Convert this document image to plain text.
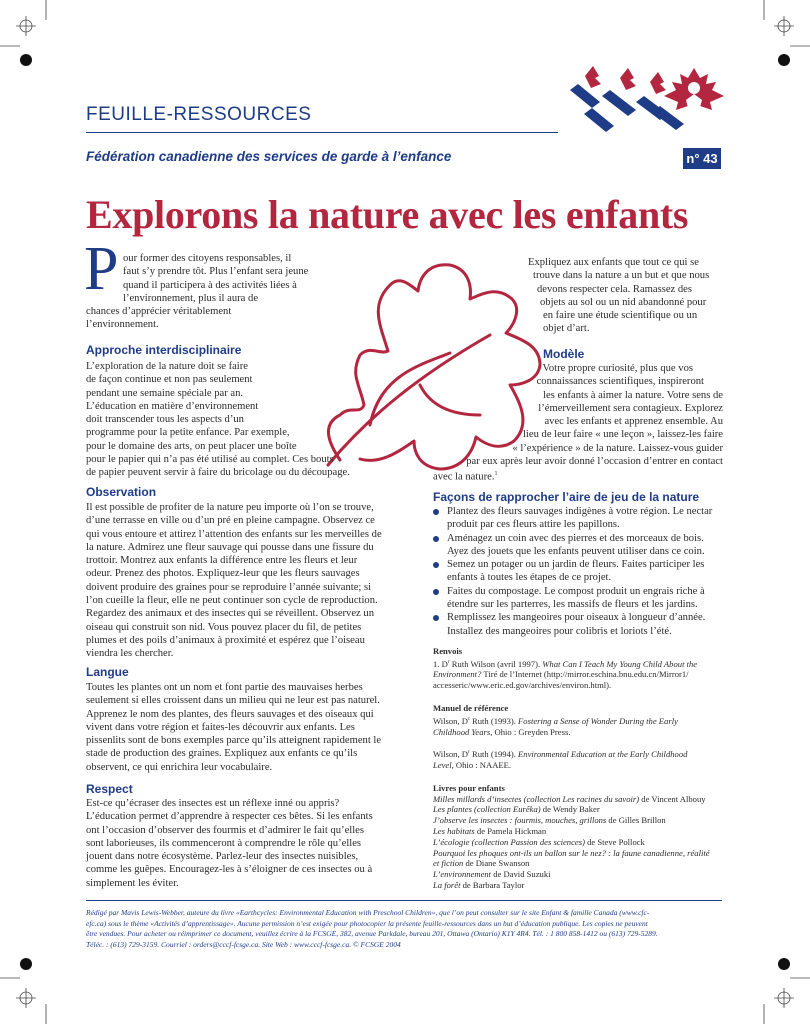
FEUILLE-RESSOURCES
Fédération canadienne des services de garde à l’enfance	n° 43
Explorons la nature avec les enfants
P our former des citoyens responsables, il
faut s’y prendre tôt. Plus l’enfant sera jeune
quand il participera à des activités liées à
l’environnement, plus il aura de
chances d’apprécier véritablement
l’environnement.
Expliquez aux enfants que tout ce qui se
trouve dans la nature a un but et que nous
devons respecter cela. Ramassez des
objets au sol ou un nid abandonné pour
en faire une étude scientifique ou un
objet d’art.
Approche interdisciplinaire
L’exploration de la nature doit se faire
de façon continue et non pas seulement
pendant une semaine spéciale par an.
L’éducation en matière d’environnement
doit transcender tous les aspects d’un
programme pour la petite enfance. Par exemple,
pour le domaine des arts, on peut placer une boîte
pour le papier qui n’a pas été utilisé au complet. Ces bouts
de papier peuvent servir à faire du bricolage ou du découpage.
Modèle
Votre propre curiosité, plus que vos
connaissances scientifiques, inspireront
les enfants à aimer la nature. Votre sens de
l’émerveillement sera contagieux. Explorez
avec les enfants et apprenez ensemble. Au
lieu de leur faire « une leçon », laissez-les faire
« l’expérience » de la nature. Laissez-vous guider
par eux après leur avoir donné l’occasion d’entrer en contact
avec la nature.$^1$
Observation
Il est possible de profiter de la nature peu importe où l’on se trouve,
d’une terrasse en ville ou d’un pré en pleine campagne. Observez ce
qui vous entoure et attirez l’attention des enfants sur les merveilles de
la nature. Admirez une fleur sauvage qui pousse dans une fissure du
trottoir. Montrez aux enfants la différence entre les fleurs et leur
odeur. Prenez des photos. Expliquez-leur que les fleurs sauvages
doivent produire des graines pour se reproduire l’année suivante; si
l’on cueille la fleur, elle ne peut continuer son cycle de reproduction.
Regardez des animaux et des insectes qui se réveillent. Observez un
oiseau qui construit son nid. Vous pouvez placer du fil, de petites
plumes et des poils d’animaux à proximité et espérez que l’oiseau
viendra les chercher.
Langue
Toutes les plantes ont un nom et font partie des mauvaises herbes
seulement si elles croissent dans un milieu qui ne leur est pas naturel.
Apprenez le nom des plantes, des fleurs sauvages et des oiseaux qui
vivent dans votre région et faites-les découvrir aux enfants. Les
pissenlits sont de bons exemples parce qu’ils atteignent rapidement le
stade de production des graines. Expliquez aux enfants ce qu’ils
observent, ce qui enrichira leur vocabulaire.
Respect
Est-ce qu’écraser des insectes est un réflexe inné ou appris?
L’éducation permet d’apprendre à respecter ces bêtes. Si les enfants
ont l’occasion d’observer des fourmis et d’admirer le fait qu’elles
sont laborieuses, ils commenceront à comprendre le rôle qu’elles
jouent dans notre écosystème. Parlez-leur des insectes nuisibles,
comme les guêpes. Encouragez-les à s’éloigner de ces insectes ou à
simplement les éviter.
Façons de rapprocher l’aire de jeu de la nature
Plantez des fleurs sauvages indigènes à votre région. Le nectar
produit par ces fleurs attire les papillons.
Aménagez un coin avec des pierres et des morceaux de bois.
Ayez des jouets que les enfants peuvent utiliser dans ce coin.
Semez un potager ou un jardin de fleurs. Faites participer les
enfants à toutes les étapes de ce projet.
Faites du compostage. Le compost produit un engrais riche à
étendre sur les parterres, les massifs de fleurs et les jardins.
Remplissez les mangeoires pour oiseaux à longueur d’année.
Installez des mangeoires pour colibris et loriots l’été.
Renvois
1. $D^r$ Ruth Wilson (avril 1997). What Can I Teach My Young Child About the
Environment? Tiré de l’Internet (http://mirror.eschina.bnu.edu.cn/Mirror1/
accesseric/www.eric.ed.gov/archives/environ.html).
Manuel de référence
Wilson, $D^r$ Ruth (1993). Fostering a Sense of Wonder During the Early
Childhood Years, Ohio : Greyden Press.
Wilson, $D^r$ Ruth (1994). Environmental Education at the Early Childhood
Level, Ohio : NAAEE.
Livres pour enfants
Milles millards d’insectes (collection Les racines du savoir) de Vincent Albouy
Les plantes (collection Eurêka) de Wendy Baker
J’observe les insectes : fourmis, mouches, grillons de Gilles Brillon
Les habitats de Pamela Hickman
L’écologie (collection Passion des sciences) de Steve Pollock
Pourquoi les phoques ont-ils un ballon sur le nez? : la faune canadienne, réalité
et fiction de Diane Swanson
L’environnement de David Suzuki
La forêt de Barbara Taylor
Rédigé par Mavis Lewis-Webber, auteure du livre «Earthcycles: Environmental Education with Preschool Children», que l’on peut consulter sur le site Enfant & famille Canada (www.cfc-
efc.ca) sous le thème «Activités d’apprentissage». Aucune permission n’est exigée pour photocopier la présente feuille-ressources dans un but d’éducation publique. Les copies ne peuvent
être vendues. Pour acheter ou réimprimer ce document, veuillez écrire à la FCSGE, 382, avenue Parkdale, bureau 201, Ottawa (Ontario) K1Y 4R4. Tél. : 1 800 858-1412 ou (613) 729-5289.
Téléc. : (613) 729-3159. Courriel : orders@cccf-fcsge.ca. Site Web : www.cccf-fcsge.ca. © FCSGE 2004
